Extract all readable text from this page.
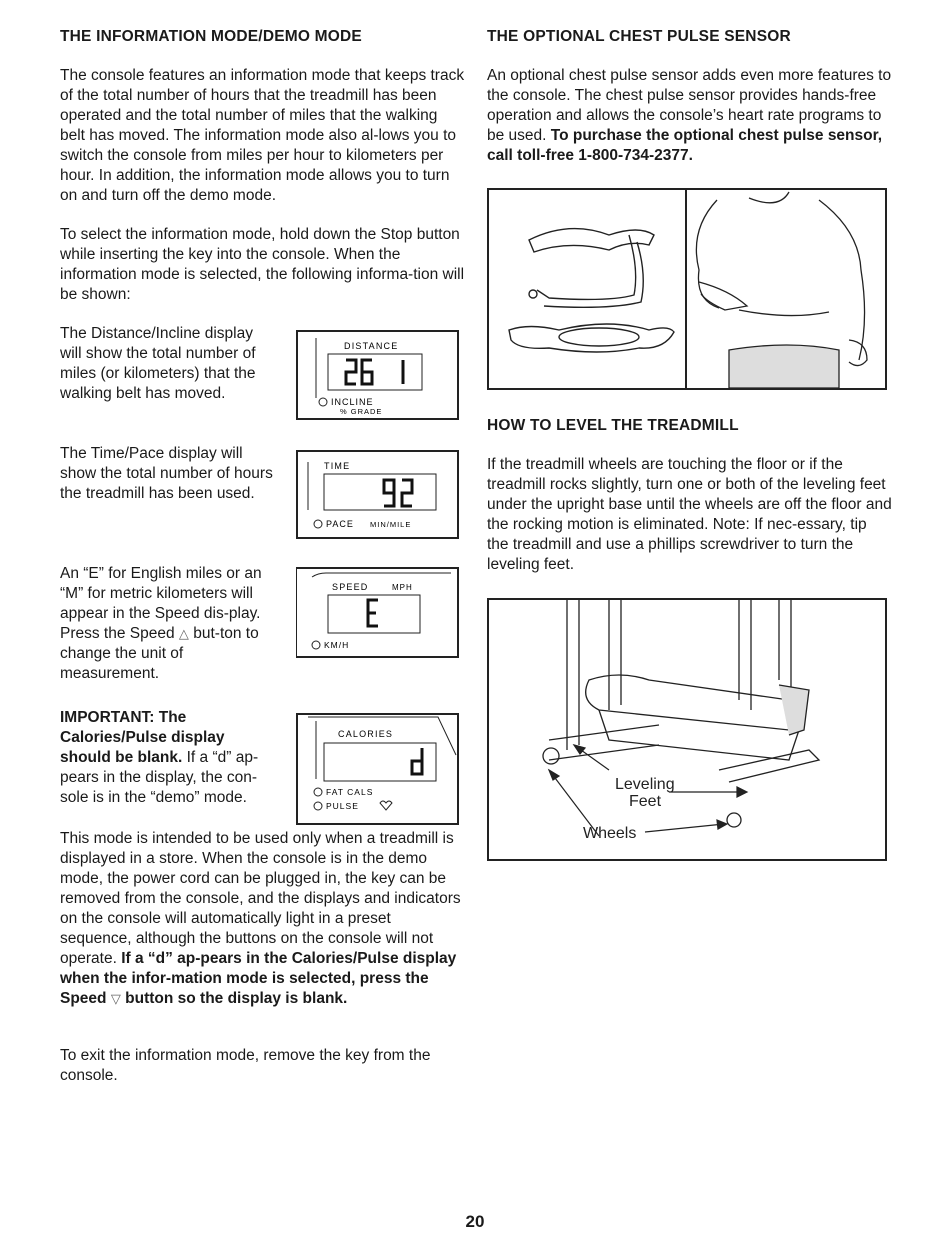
THE INFORMATION MODE/DEMO MODE

The console features an information mode that keeps track of the total number of hours that the treadmill has been operated and the total number of miles that the walking belt has moved. The information mode also al-lows you to switch the console from miles per hour to kilometers per hour. In addition, the information mode allows you to turn on and turn off the demo mode.

To select the information mode, hold down the Stop button while inserting the key into the console. When the information mode is selected, the following informa-tion will be shown:

The Distance/Incline display will show the total number of miles (or kilometers) that the walking belt has moved.

DISTANCE
INCLINE
% GRADE

The Time/Pace display will show the total number of hours the treadmill has been used.

TIME
PACE MIN/MILE

An “E” for English miles or an “M” for metric kilometers will appear in the Speed dis-play. Press the Speed △ but-ton to change the unit of measurement.

SPEED	MPH
KM/H

IMPORTANT: The Calories/Pulse display should be blank. If a “d” ap-pears in the display, the con-sole is in the “demo” mode.

CALORIES
FAT CALS
PULSE

This mode is intended to be used only when a treadmill is displayed in a store. When the console is in the demo mode, the power cord can be plugged in, the key can be removed from the console, and the displays and indicators on the console will automatically light in a preset sequence, although the buttons on the console will not operate. If a “d” ap-pears in the Calories/Pulse display when the infor-mation mode is selected, press the Speed ▽ button so the display is blank.

To exit the information mode, remove the key from the console.

THE OPTIONAL CHEST PULSE SENSOR

An optional chest pulse sensor adds even more features to the console. The chest pulse sensor provides hands-free operation and allows the console’s heart rate programs to be used. To purchase the optional chest pulse sensor, call toll-free 1-800-734-2377.

HOW TO LEVEL THE TREADMILL

If the treadmill wheels are touching the floor or if the treadmill rocks slightly, turn one or both of the leveling feet under the upright base until the wheels are off the floor and the rocking motion is eliminated. Note: If nec-essary, tip the treadmill and use a phillips screwdriver to turn the leveling feet.

Leveling
Feet
Wheels
20
